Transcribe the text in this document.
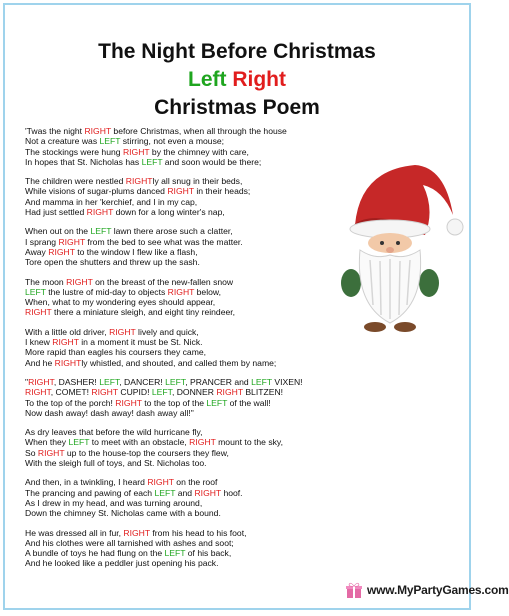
The Night Before Christmas
Left Right
Christmas Poem
'Twas the night RIGHT before Christmas, when all through the house
Not a creature was LEFT stirring, not even a mouse;
The stockings were hung RIGHT by the chimney with care,
In hopes that St. Nicholas has LEFT and soon would be there;
The children were nestled RIGHTly all snug in their beds,
While visions of sugar-plums danced RIGHT in their heads;
And mamma in her 'kerchief, and I in my cap,
Had just settled RIGHT down for a long winter's nap,
When out on the LEFT lawn there arose such a clatter,
I sprang RIGHT from the bed to see what was the matter.
Away RIGHT to the window I flew like a flash,
Tore open the shutters and threw up the sash.
The moon RIGHT on the breast of the new-fallen snow
LEFT the lustre of mid-day to objects RIGHT below,
When, what to my wondering eyes should appear,
RIGHT there a miniature sleigh, and eight tiny reindeer,
With a little old driver, RIGHT lively and quick,
I knew RIGHT in a moment it must be St. Nick.
More rapid than eagles his coursers they came,
And he RIGHTly whistled, and shouted, and called them by name;
"RIGHT, DASHER! LEFT, DANCER! LEFT, PRANCER and LEFT VIXEN!
RIGHT, COMET! RIGHT CUPID! LEFT, DONNER RIGHT BLITZEN!
To the top of the porch! RIGHT to the top of the LEFT of the wall!
Now dash away! dash away! dash away all!"
As dry leaves that before the wild hurricane fly,
When they LEFT to meet with an obstacle, RIGHT mount to the sky,
So RIGHT up to the house-top the coursers they flew,
With the sleigh full of toys, and St. Nicholas too.
And then, in a twinkling, I heard RIGHT on the roof
The prancing and pawing of each LEFT and RIGHT hoof.
As I drew in my head, and was turning around,
Down the chimney St. Nicholas came with a bound.
He was dressed all in fur, RIGHT from his head to his foot,
And his clothes were all tarnished with ashes and soot;
A bundle of toys he had flung on the LEFT of his back,
And he looked like a peddler just opening his pack.
www.MyPartyGames.com
